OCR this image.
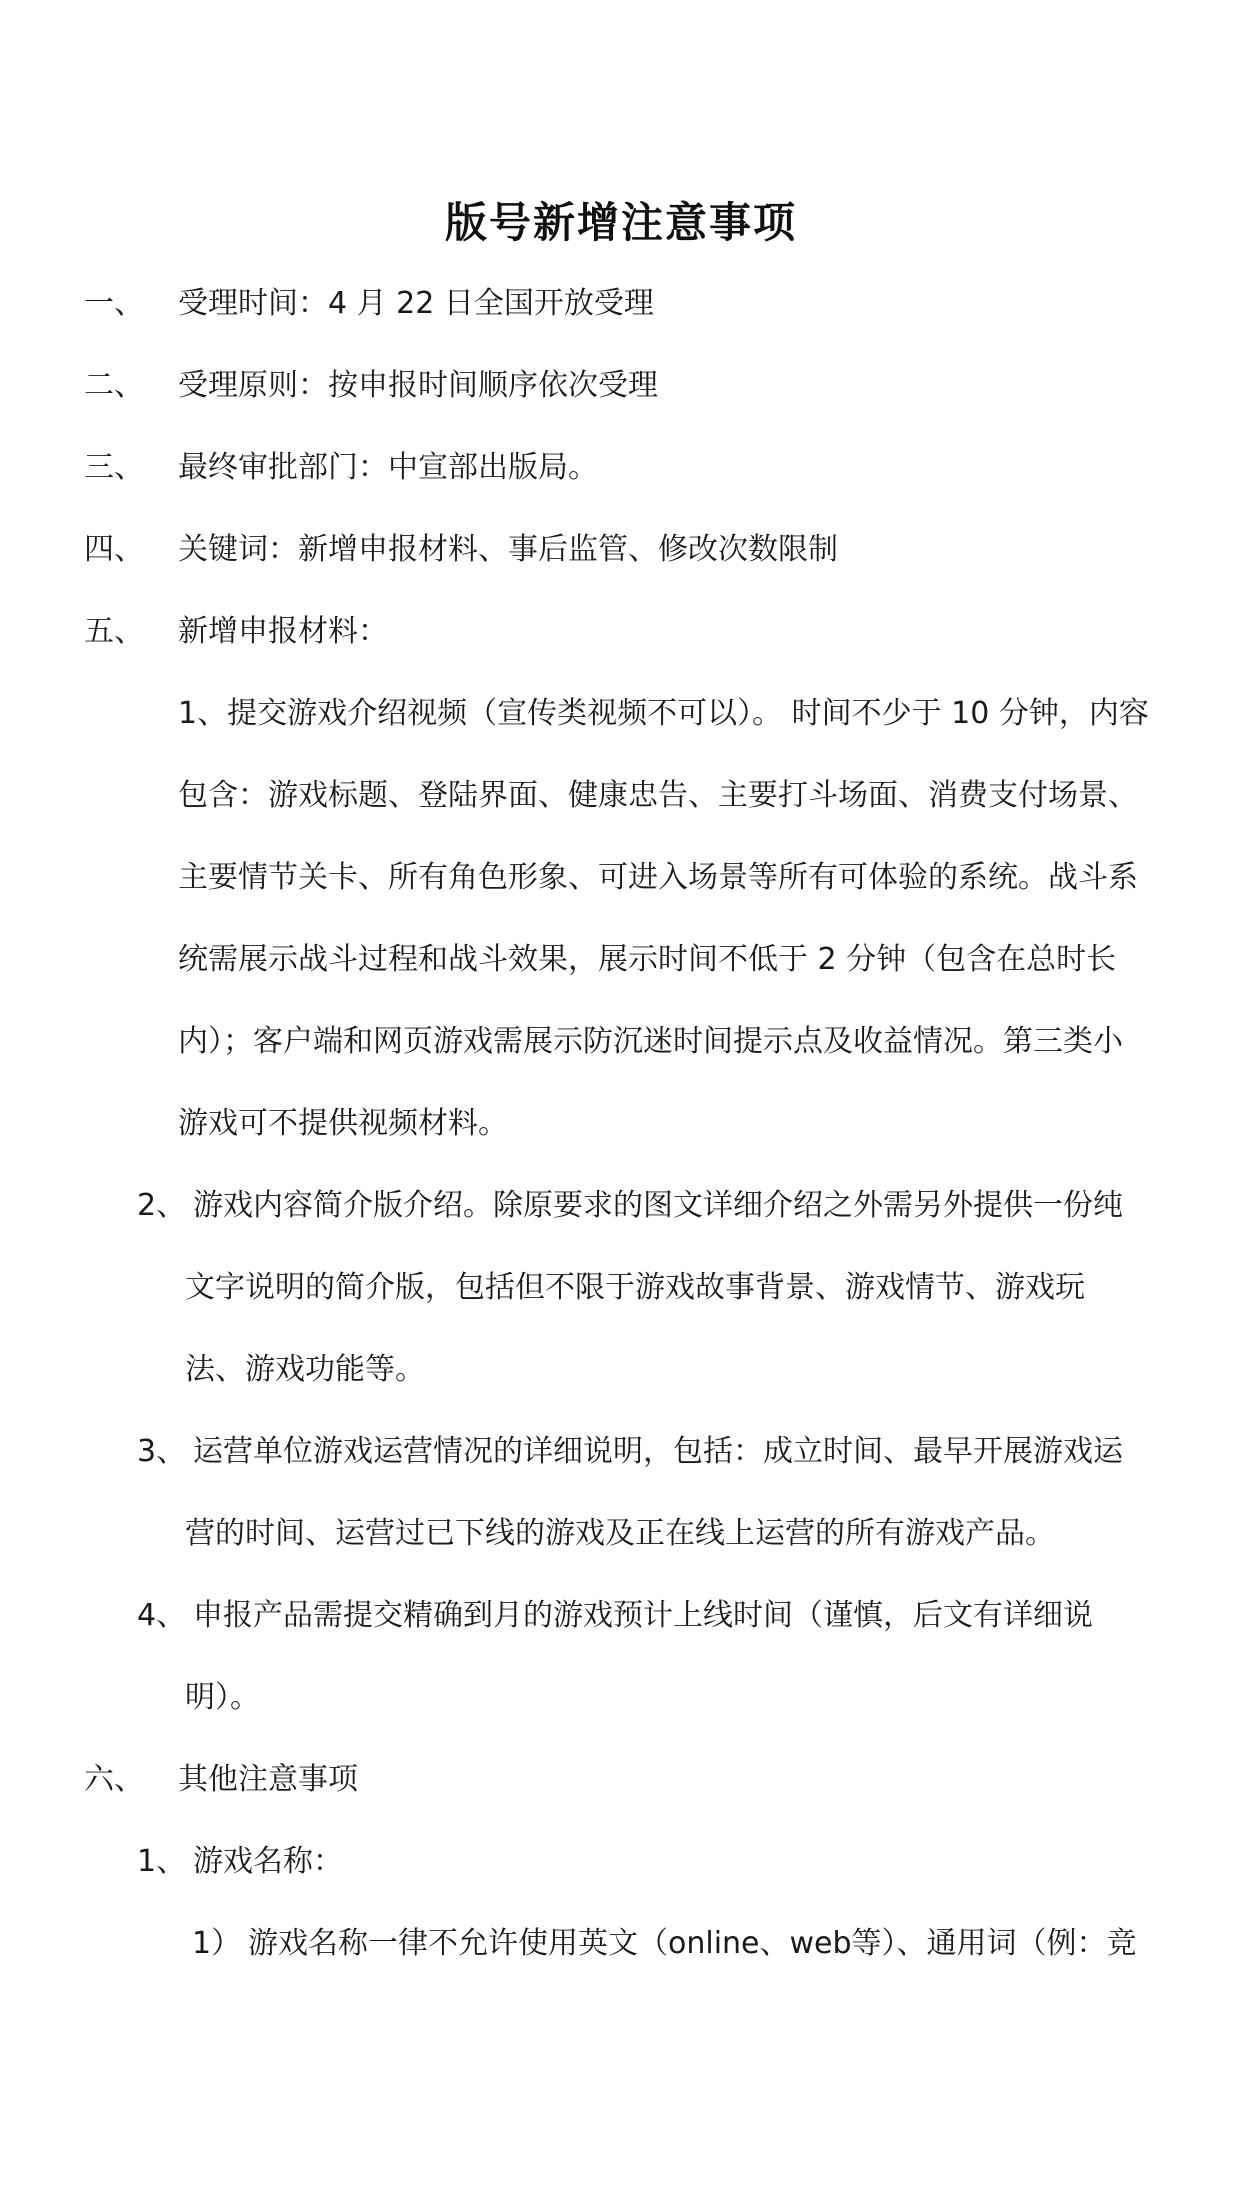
版号新增注意事项
一、 受理时间：4 月 22 日全国开放受理
二、 受理原则：按申报时间顺序依次受理
三、 最终审批部门：中宣部出版局。
四、 关键词：新增申报材料、事后监管、修改次数限制
五、 新增申报材料：
1、提交游戏介绍视频（宣传类视频不可以）。 时间不少于 10 分钟，内容
包含：游戏标题、登陆界面、健康忠告、主要打斗场面、消费支付场景、
主要情节关卡、所有角色形象、可进入场景等所有可体验的系统。战斗系
统需展示战斗过程和战斗效果，展示时间不低于 2 分钟（包含在总时长
内）；客户端和网页游戏需展示防沉迷时间提示点及收益情况。第三类小
游戏可不提供视频材料。
2、 游戏内容简介版介绍。除原要求的图文详细介绍之外需另外提供一份纯
文字说明的简介版，包括但不限于游戏故事背景、游戏情节、游戏玩
法、游戏功能等。
3、 运营单位游戏运营情况的详细说明，包括：成立时间、最早开展游戏运
营的时间、运营过已下线的游戏及正在线上运营的所有游戏产品。
4、 申报产品需提交精确到月的游戏预计上线时间（谨慎，后文有详细说
明）。
六、 其他注意事项
1、 游戏名称：
1） 游戏名称一律不允许使用英文（online、web等）、通用词（例：竞
